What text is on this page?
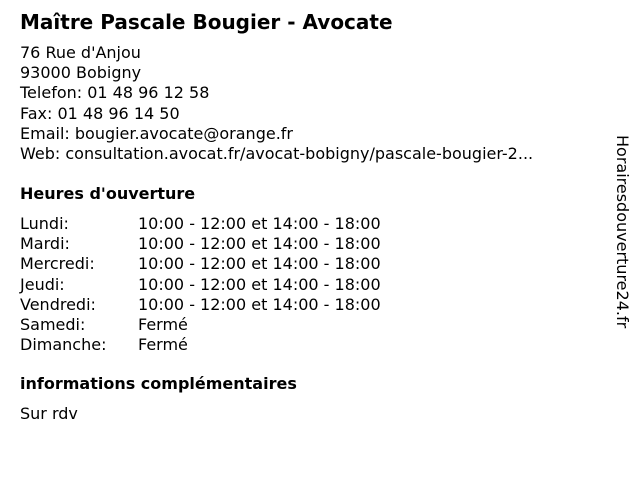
Maître Pascale Bougier - Avocate
76 Rue d'Anjou
93000 Bobigny
Telefon: 01 48 96 12 58
Fax: 01 48 96 14 50
Email: bougier.avocate@orange.fr
Web: consultation.avocat.fr/avocat-bobigny/pascale-bougier-2...
Heures d'ouverture
Lundi:	10:00 - 12:00 et 14:00 - 18:00
Mardi:	10:00 - 12:00 et 14:00 - 18:00
Mercredi:	10:00 - 12:00 et 14:00 - 18:00
Jeudi:	10:00 - 12:00 et 14:00 - 18:00
Vendredi:	10:00 - 12:00 et 14:00 - 18:00
Samedi:	Fermé
Dimanche: Fermé
informations complémentaires
Sur rdv
Horairesdouverture24.fr
